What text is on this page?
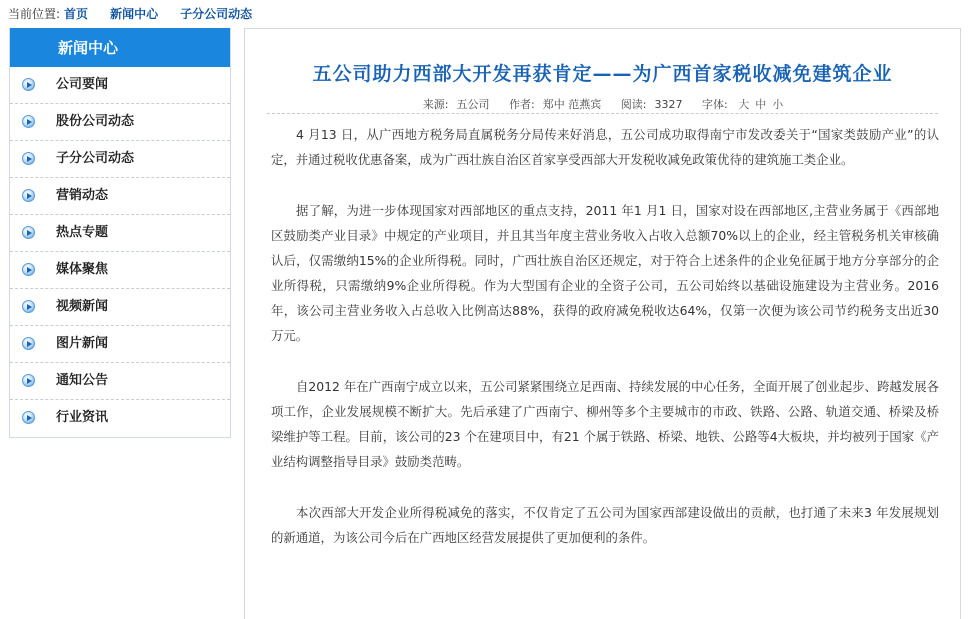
当前位置: 首页 新闻中心 子分公司动态
新闻中心
公司要闻
股份公司动态
子分公司动态
营销动态
热点专题
媒体聚焦
视频新闻
图片新闻
通知公告
行业资讯
五公司助力西部大开发再获肯定——为广西首家税收减免建筑企业
来源: 五公司 作者: 郑中 范燕宾 阅读: 3327 字体: 大 中 小

4 月13 日，从广西地方税务局直属税务分局传来好消息，五公司成功取得南宁市发改委关于“国家类鼓励产业”的认定，并通过税收优惠备案，成为广西壮族自治区首家享受西部大开发税收减免政策优待的建筑施工类企业。

据了解，为进一步体现国家对西部地区的重点支持，2011 年1 月1 日，国家对设在西部地区,主营业务属于《西部地区鼓励类产业目录》中规定的产业项目，并且其当年度主营业务收入占收入总额70%以上的企业，经主管税务机关审核确认后，仅需缴纳15%的企业所得税。同时，广西壮族自治区还规定，对于符合上述条件的企业免征属于地方分享部分的企业所得税，只需缴纳9%企业所得税。作为大型国有企业的全资子公司，五公司始终以基础设施建设为主营业务。2016 年，该公司主营业务收入占总收入比例高达88%，获得的政府减免税收达64%，仅第一次便为该公司节约税务支出近30 万元。

自2012 年在广西南宁成立以来，五公司紧紧围绕立足西南、持续发展的中心任务，全面开展了创业起步、跨越发展各项工作，企业发展规模不断扩大。先后承建了广西南宁、柳州等多个主要城市的市政、铁路、公路、轨道交通、桥梁及桥梁维护等工程。目前，该公司的23 个在建项目中，有21 个属于铁路、桥梁、地铁、公路等4大板块，并均被列于国家《产业结构调整指导目录》鼓励类范畴。

本次西部大开发企业所得税减免的落实，不仅肯定了五公司为国家西部建设做出的贡献，也打通了未来3 年发展规划的新通道，为该公司今后在广西地区经营发展提供了更加便利的条件。
